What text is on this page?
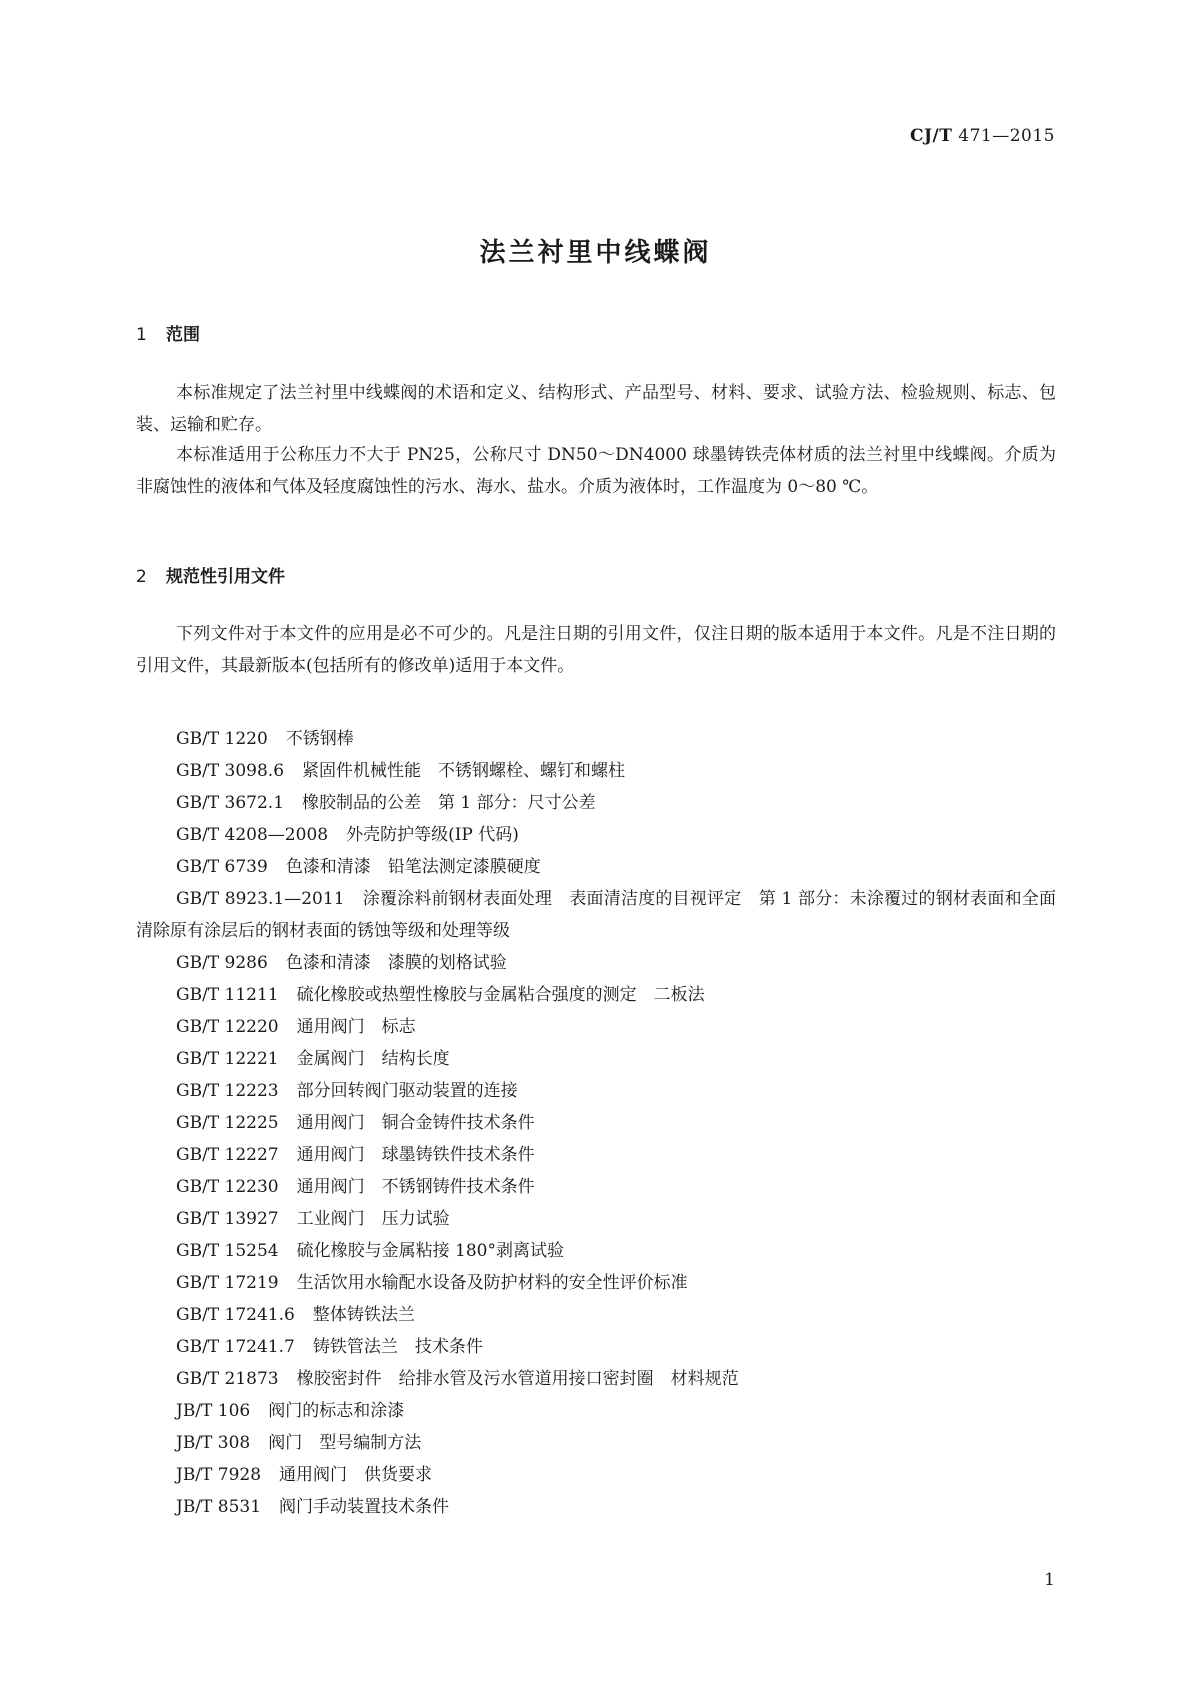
CJ/T 471—2015
法兰衬里中线蝶阀
1 范围

本标准规定了法兰衬里中线蝶阀的术语和定义、结构形式、产品型号、材料、要求、试验方法、检验规则、标志、包装、运输和贮存。

本标准适用于公称压力不大于 PN25，公称尺寸 DN50～DN4000 球墨铸铁壳体材质的法兰衬里中线蝶阀。介质为非腐蚀性的液体和气体及轻度腐蚀性的污水、海水、盐水。介质为液体时，工作温度为 0～80 ℃。

2 规范性引用文件

下列文件对于本文件的应用是必不可少的。凡是注日期的引用文件，仅注日期的版本适用于本文件。凡是不注日期的引用文件，其最新版本(包括所有的修改单)适用于本文件。

GB/T 1220 不锈钢棒
GB/T 3098.6 紧固件机械性能　不锈钢螺栓、螺钉和螺柱
GB/T 3672.1 橡胶制品的公差　第 1 部分：尺寸公差
GB/T 4208—2008 外壳防护等级(IP 代码)
GB/T 6739 色漆和清漆　铅笔法测定漆膜硬度
GB/T 8923.1—2011 涂覆涂料前钢材表面处理　表面清洁度的目视评定　第 1 部分：未涂覆过的钢材表面和全面清除原有涂层后的钢材表面的锈蚀等级和处理等级
GB/T 9286 色漆和清漆　漆膜的划格试验
GB/T 11211 硫化橡胶或热塑性橡胶与金属粘合强度的测定　二板法
GB/T 12220 通用阀门　标志
GB/T 12221 金属阀门　结构长度
GB/T 12223 部分回转阀门驱动装置的连接
GB/T 12225 通用阀门　铜合金铸件技术条件
GB/T 12227 通用阀门　球墨铸铁件技术条件
GB/T 12230 通用阀门　不锈钢铸件技术条件
GB/T 13927 工业阀门　压力试验
GB/T 15254 硫化橡胶与金属粘接 180°剥离试验
GB/T 17219 生活饮用水输配水设备及防护材料的安全性评价标准
GB/T 17241.6 整体铸铁法兰
GB/T 17241.7 铸铁管法兰　技术条件
GB/T 21873 橡胶密封件　给排水管及污水管道用接口密封圈　材料规范
JB/T 106 阀门的标志和涂漆
JB/T 308 阀门　型号编制方法
JB/T 7928 通用阀门　供货要求
JB/T 8531 阀门手动装置技术条件
1
